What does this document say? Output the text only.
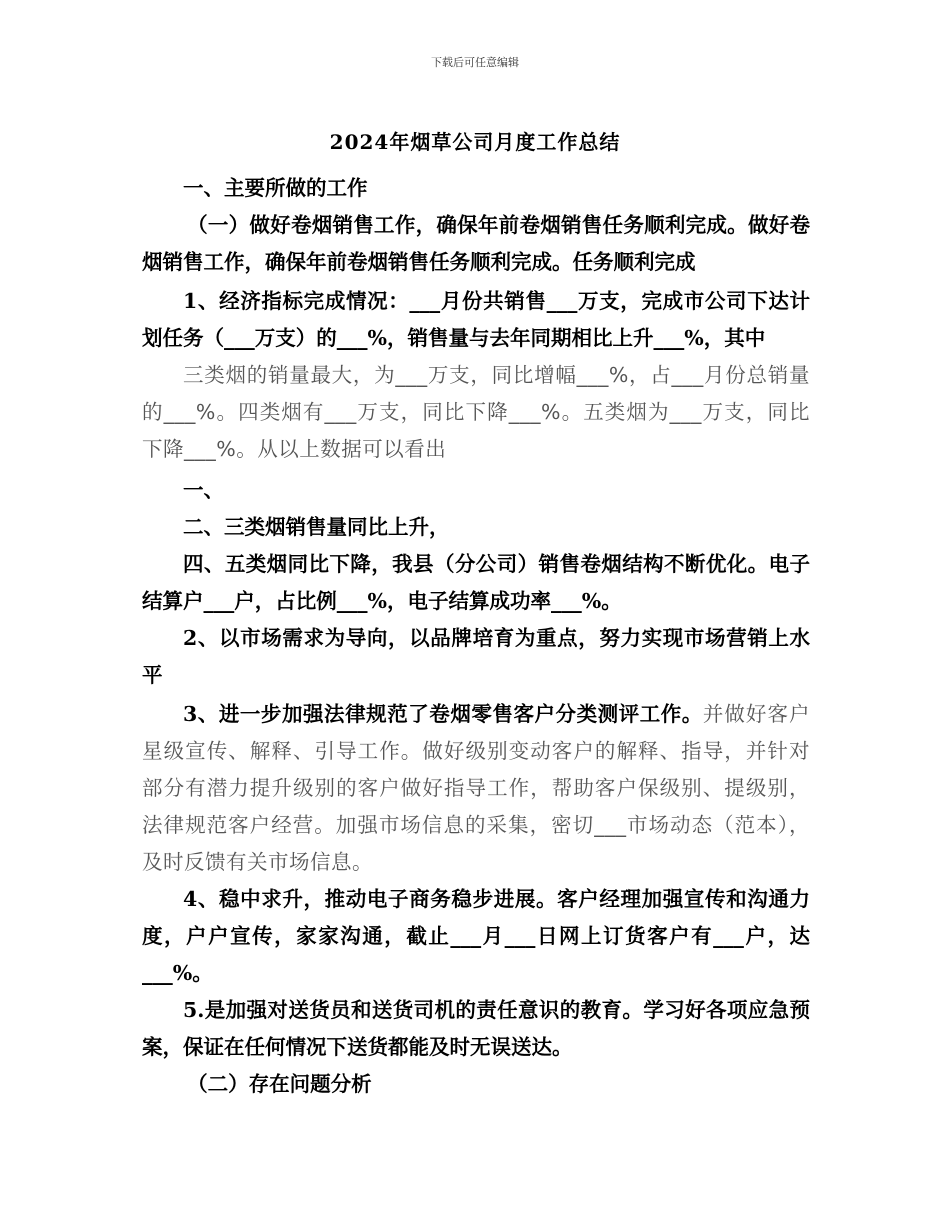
下载后可任意编辑
2024年烟草公司月度工作总结

一、主要所做的工作

（一）做好卷烟销售工作，确保年前卷烟销售任务顺利完成。做好卷烟销售工作，确保年前卷烟销售任务顺利完成。任务顺利完成

1、经济指标完成情况：___月份共销售___万支，完成市公司下达计划任务（___万支）的___%，销售量与去年同期相比上升___%，其中

三类烟的销量最大，为___万支，同比增幅___%，占___月份总销量的___%。四类烟有___万支，同比下降___%。五类烟为___万支，同比下降___%。从以上数据可以看出

一、

二、三类烟销售量同比上升，

四、五类烟同比下降，我县（分公司）销售卷烟结构不断优化。电子结算户___户，占比例___%，电子结算成功率___%。

2、以市场需求为导向，以品牌培育为重点，努力实现市场营销上水平

3、进一步加强法律规范了卷烟零售客户分类测评工作。并做好客户星级宣传、解释、引导工作。做好级别变动客户的解释、指导，并针对部分有潜力提升级别的客户做好指导工作，帮助客户保级别、提级别，法律规范客户经营。加强市场信息的采集，密切___市场动态（范本），及时反馈有关市场信息。

4、稳中求升，推动电子商务稳步进展。客户经理加强宣传和沟通力度，户户宣传，家家沟通，截止___月___日网上订货客户有___户，达___%。

5.是加强对送货员和送货司机的责任意识的教育。学习好各项应急预案，保证在任何情况下送货都能及时无误送达。

（二）存在问题分析
